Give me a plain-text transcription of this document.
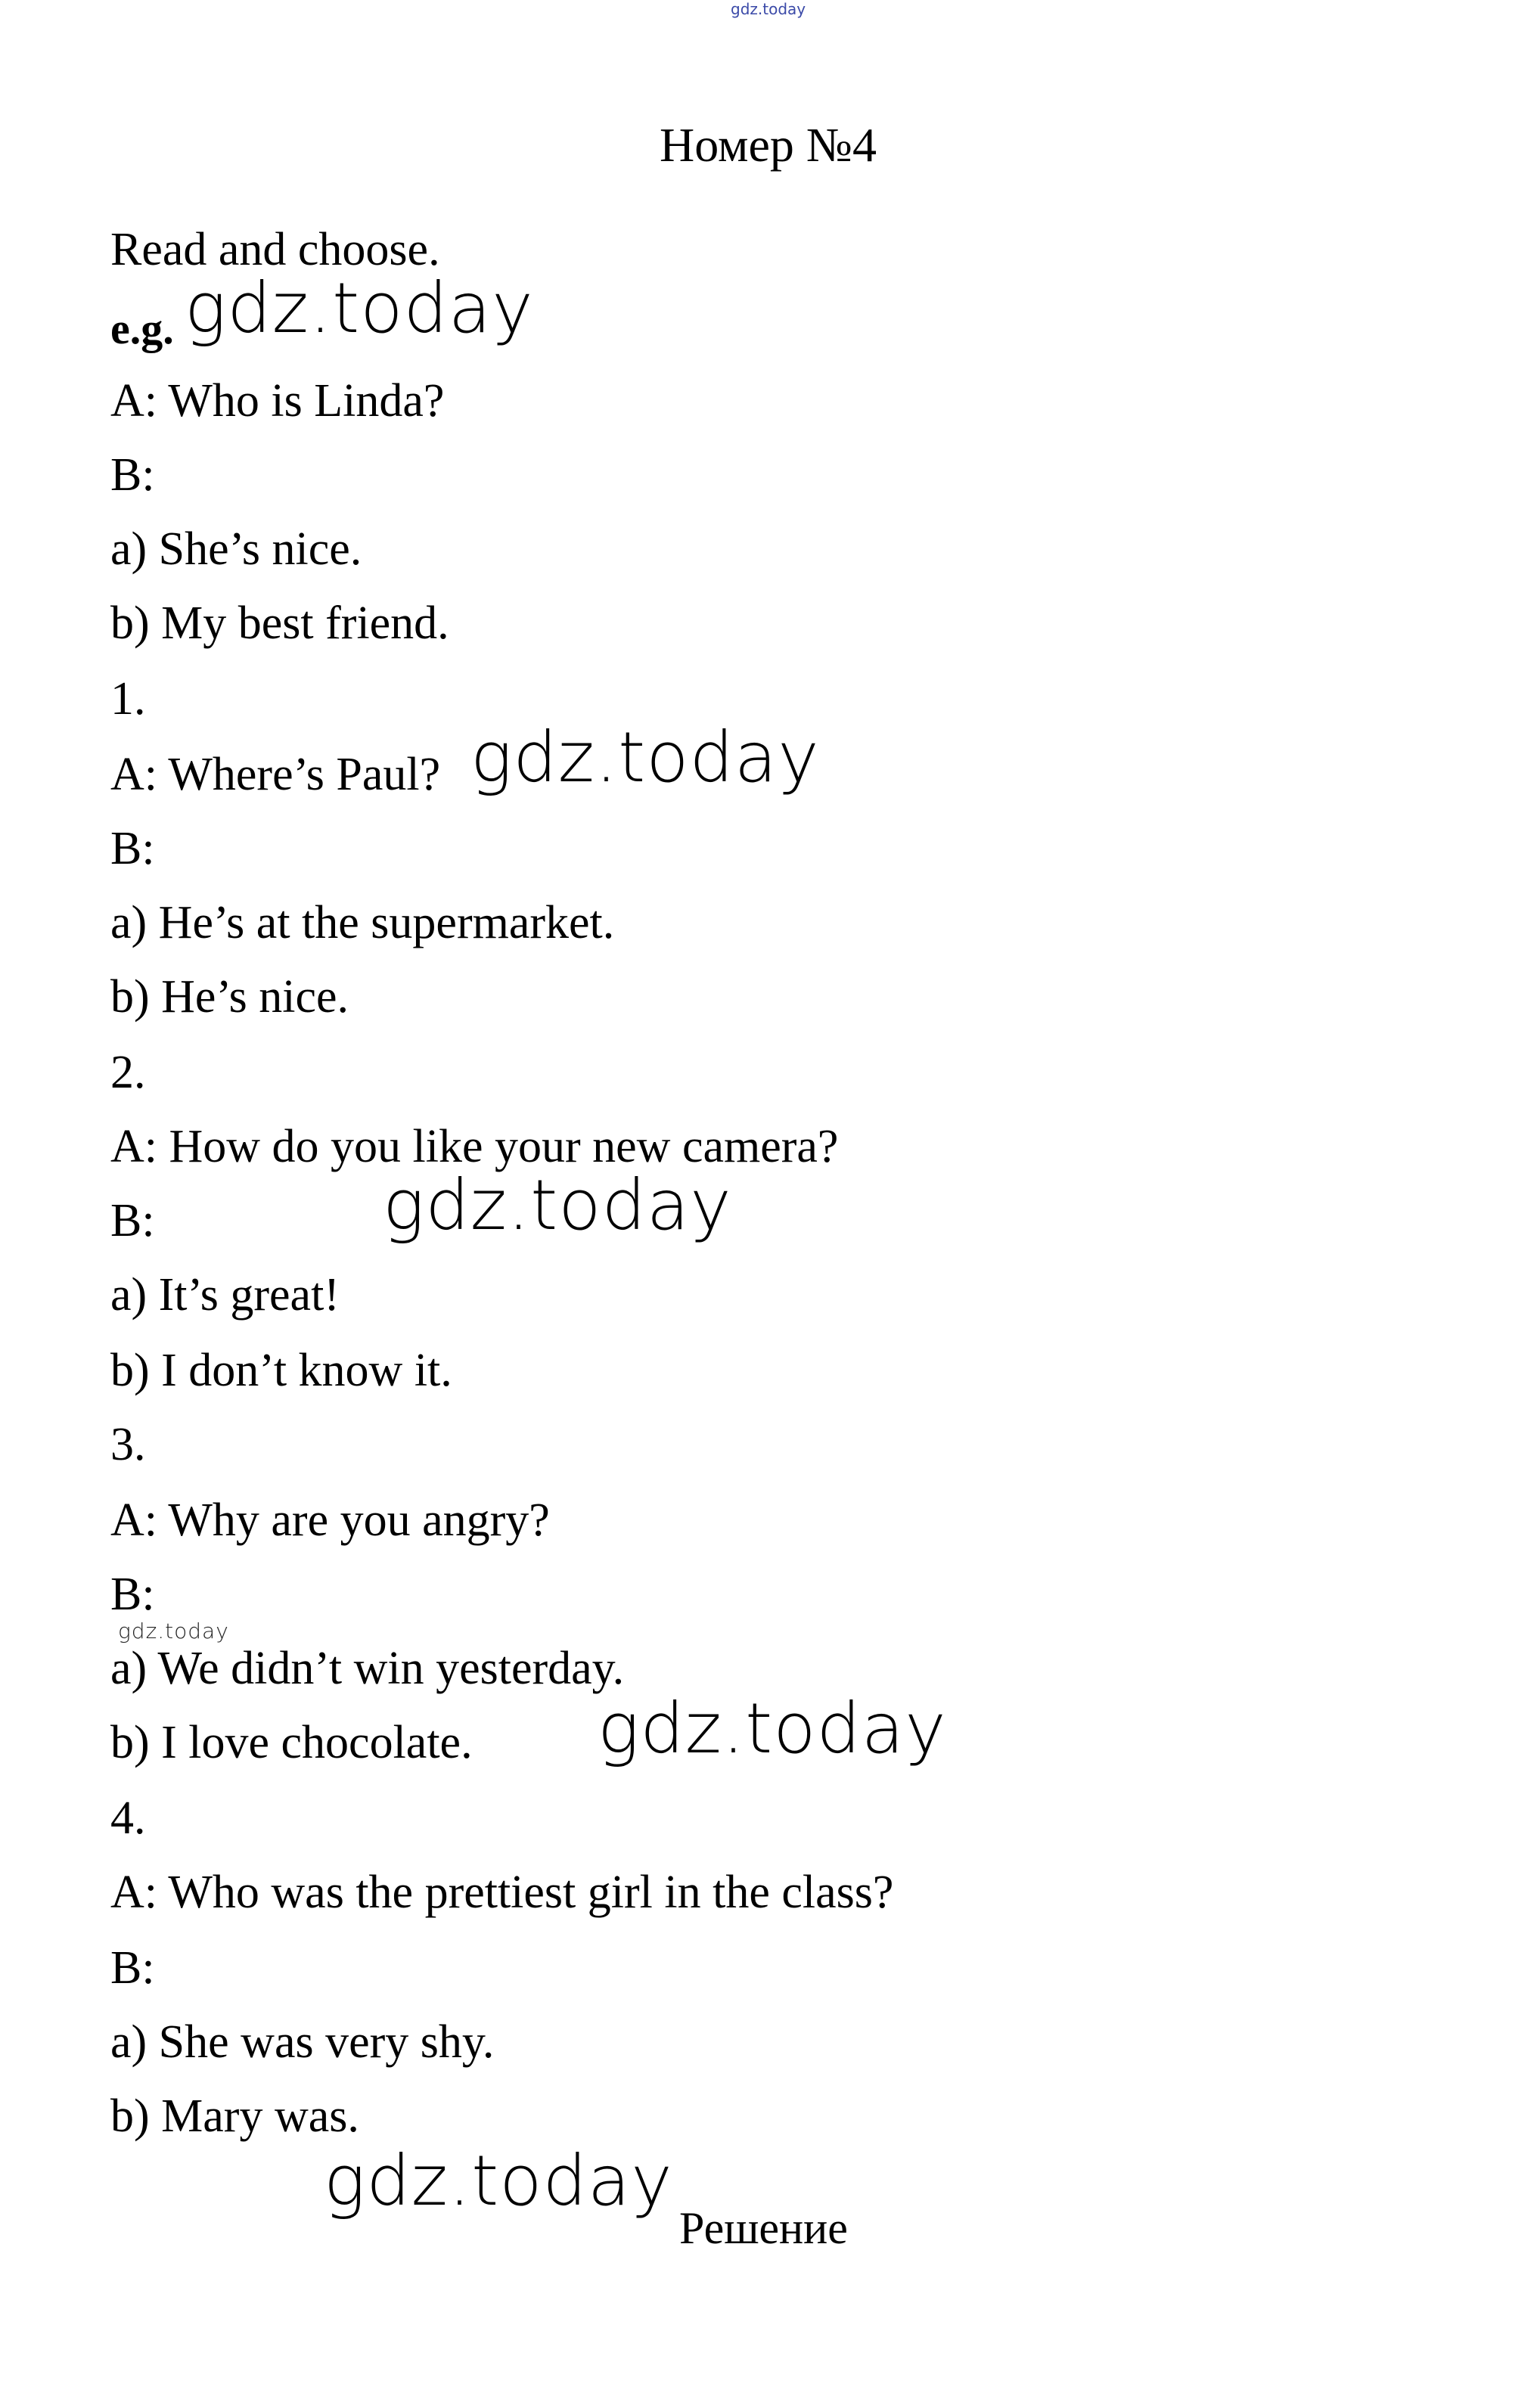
gdz.today
Номер №4
Read and choose.
e.g. gdz.today
A: Who is Linda?
B:
a) She’s nice.
b) My best friend.
1.
A: Where’s Paul? gdz.today
B:
a) He’s at the supermarket.
b) He’s nice.
2.
A: How do you like your new camera?
B:	gdz.today
a) It’s great!
b) I don’t know it.
3.
A: Why are you angry?
B:
gdz.today
a) We didn’t win yesterday.
b) I love chocolate. gdz.today
4.
A: Who was the prettiest girl in the class?
B:
a) She was very shy.
b) Mary was.
gdz.today
Решение
